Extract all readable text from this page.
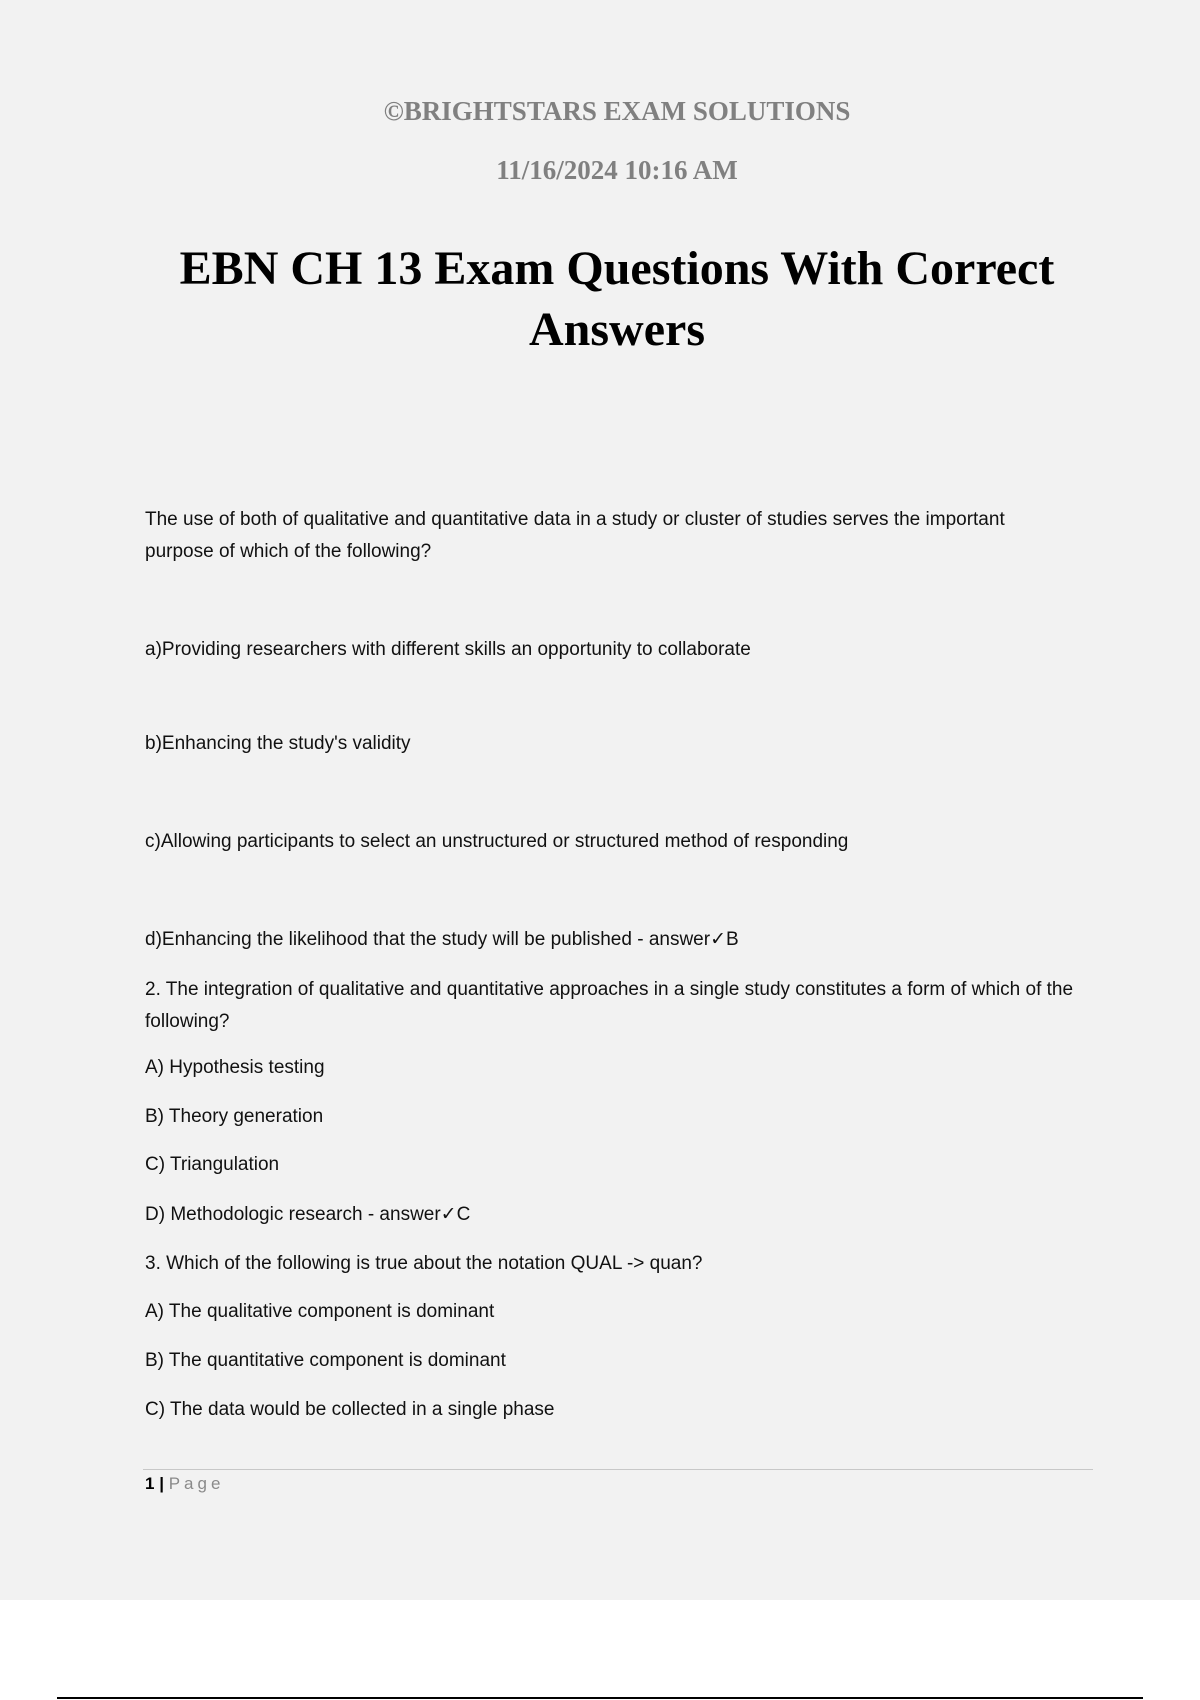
©BRIGHTSTARS EXAM SOLUTIONS
11/16/2024 10:16 AM
EBN CH 13 Exam Questions With Correct Answers

The use of both of qualitative and quantitative data in a study or cluster of studies serves the important purpose of which of the following?

a)Providing researchers with different skills an opportunity to collaborate

b)Enhancing the study's validity

c)Allowing participants to select an unstructured or structured method of responding

d)Enhancing the likelihood that the study will be published - answer✓B

2. The integration of qualitative and quantitative approaches in a single study constitutes a form of which of the following?

A) Hypothesis testing

B) Theory generation

C) Triangulation

D) Methodologic research - answer✓C

3. Which of the following is true about the notation QUAL -> quan?

A) The qualitative component is dominant

B) The quantitative component is dominant

C) The data would be collected in a single phase

1 | Page
